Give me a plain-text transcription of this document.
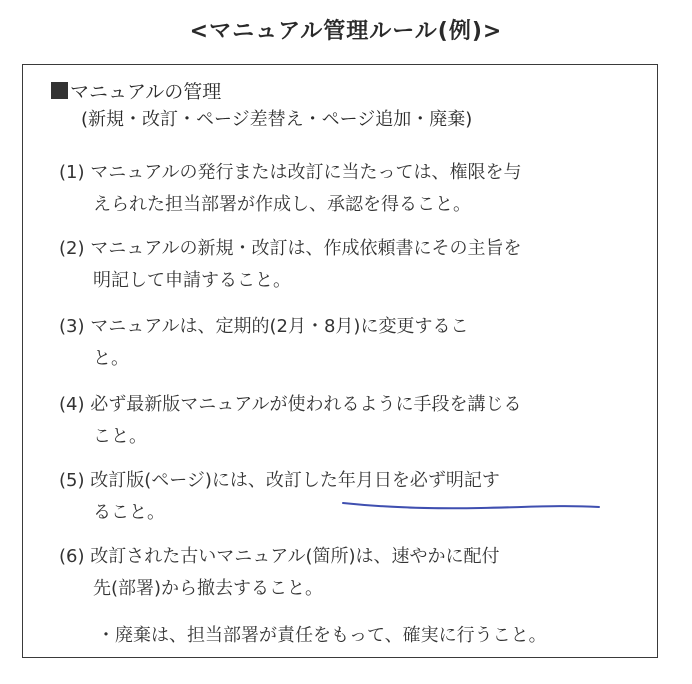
<マニュアル管理ルール(例)>
マニュアルの管理
(新規・改訂・ページ差替え・ページ追加・廃棄)
(1) マニュアルの発行または改訂に当たっては、権限を与
えられた担当部署が作成し、承認を得ること。
(2) マニュアルの新規・改訂は、作成依頼書にその主旨を
明記して申請すること。
(3) マニュアルは、定期的(2月・8月)に変更するこ
と。
(4) 必ず最新版マニュアルが使われるように手段を講じる
こと。
(5) 改訂版(ページ)には、改訂した年月日を必ず明記す
ること。
(6) 改訂された古いマニュアル(箇所)は、速やかに配付
先(部署)から撤去すること。
・廃棄は、担当部署が責任をもって、確実に行うこと。
